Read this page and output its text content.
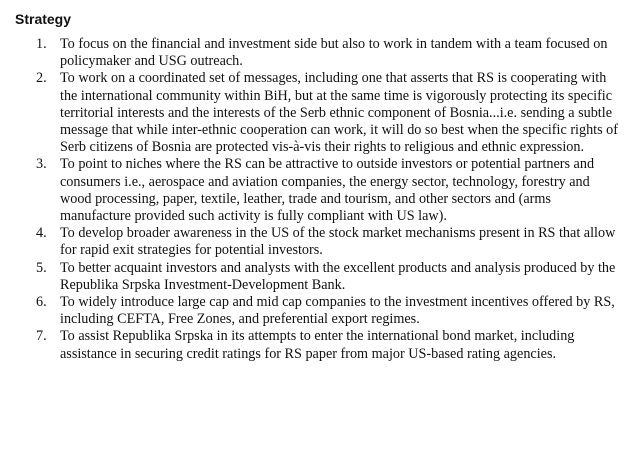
Strategy
1. To focus on the financial and investment side but also to work in tandem with a team focused on policymaker and USG outreach.
2. To work on a coordinated set of messages, including one that asserts that RS is cooperating with the international community within BiH, but at the same time is vigorously protecting its specific territorial interests and the interests of the Serb ethnic component of Bosnia...i.e. sending a subtle message that while inter-ethnic cooperation can work, it will do so best when the specific rights of Serb citizens of Bosnia are protected vis-à-vis their rights to religious and ethnic expression.
3. To point to niches where the RS can be attractive to outside investors or potential partners and consumers i.e., aerospace and aviation companies, the energy sector, technology, forestry and wood processing, paper, textile, leather, trade and tourism, and other sectors and (arms manufacture provided such activity is fully compliant with US law).
4. To develop broader awareness in the US of the stock market mechanisms present in RS that allow for rapid exit strategies for potential investors.
5. To better acquaint investors and analysts with the excellent products and analysis produced by the Republika Srpska Investment-Development Bank.
6. To widely introduce large cap and mid cap companies to the investment incentives offered by RS, including CEFTA, Free Zones, and preferential export regimes.
7. To assist Republika Srpska in its attempts to enter the international bond market, including assistance in securing credit ratings for RS paper from major US-based rating agencies.
